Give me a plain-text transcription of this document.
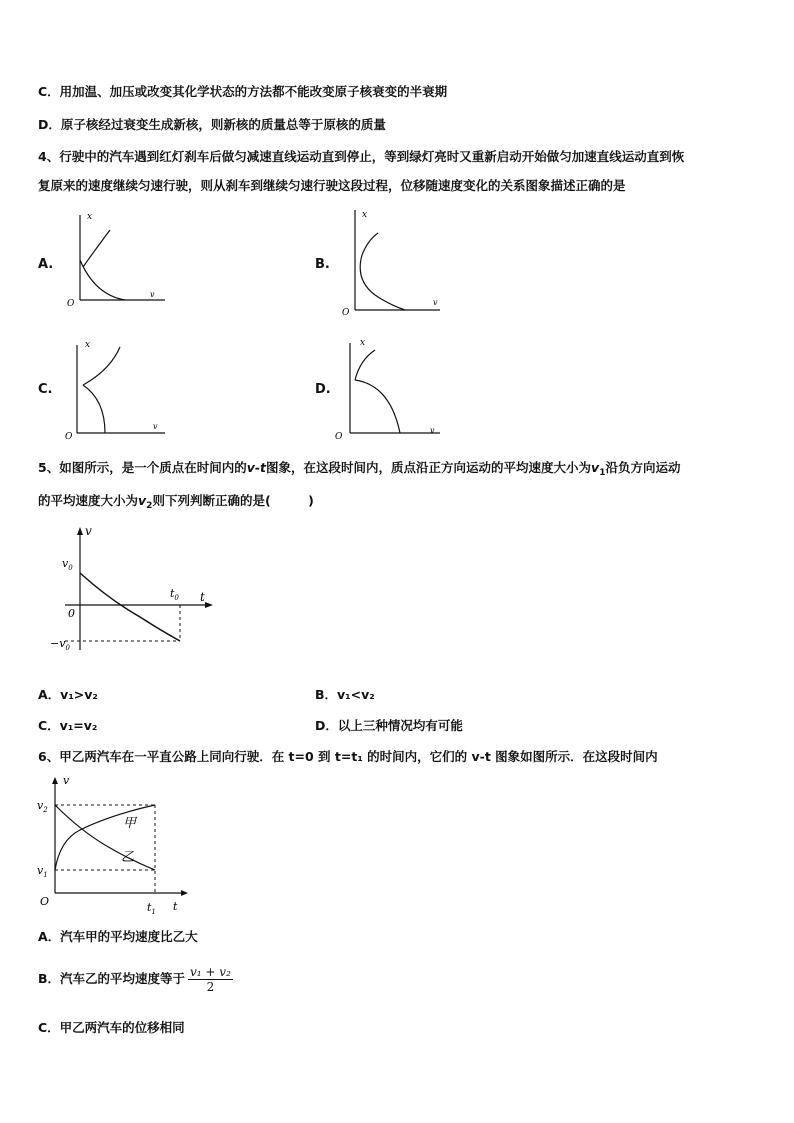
C．用加温、加压或改变其化学状态的方法都不能改变原子核衰变的半衰期
D．原子核经过衰变生成新核，则新核的质量总等于原核的质量
4、行驶中的汽车遇到红灯刹车后做匀减速直线运动直到停止，等到绿灯亮时又重新启动开始做匀加速直线运动直到恢
复原来的速度继续匀速行驶，则从刹车到继续匀速行驶这段过程，位移随速度变化的关系图象描述正确的是
A.
x
v
O
B.
x
v
O
C.
x
v
O
D.
x
v
O
5、如图所示，是一个质点在时间内的v-t图象，在这段时间内，质点沿正方向运动的平均速度大小为$v_1$沿负方向运动
的平均速度大小为$v_2$则下列判断正确的是(　　　)
v
t
$v_0$
0
$-v_0$
$t_0$
A．v₁>v₂	B．v₁<v₂
C．v₁=v₂	D．以上三种情况均有可能
6、甲乙两汽车在一平直公路上同向行驶．在 t=0 到 t=t₁ 的时间内，它们的 v-t 图象如图所示．在这段时间内
v
t
$v_2$
$v_1$
O	$t_1$
甲
乙
A．汽车甲的平均速度比乙大
B．汽车乙的平均速度等于 $\frac{\text{v₁ + v₂}}{2}$
C．甲乙两汽车的位移相同
